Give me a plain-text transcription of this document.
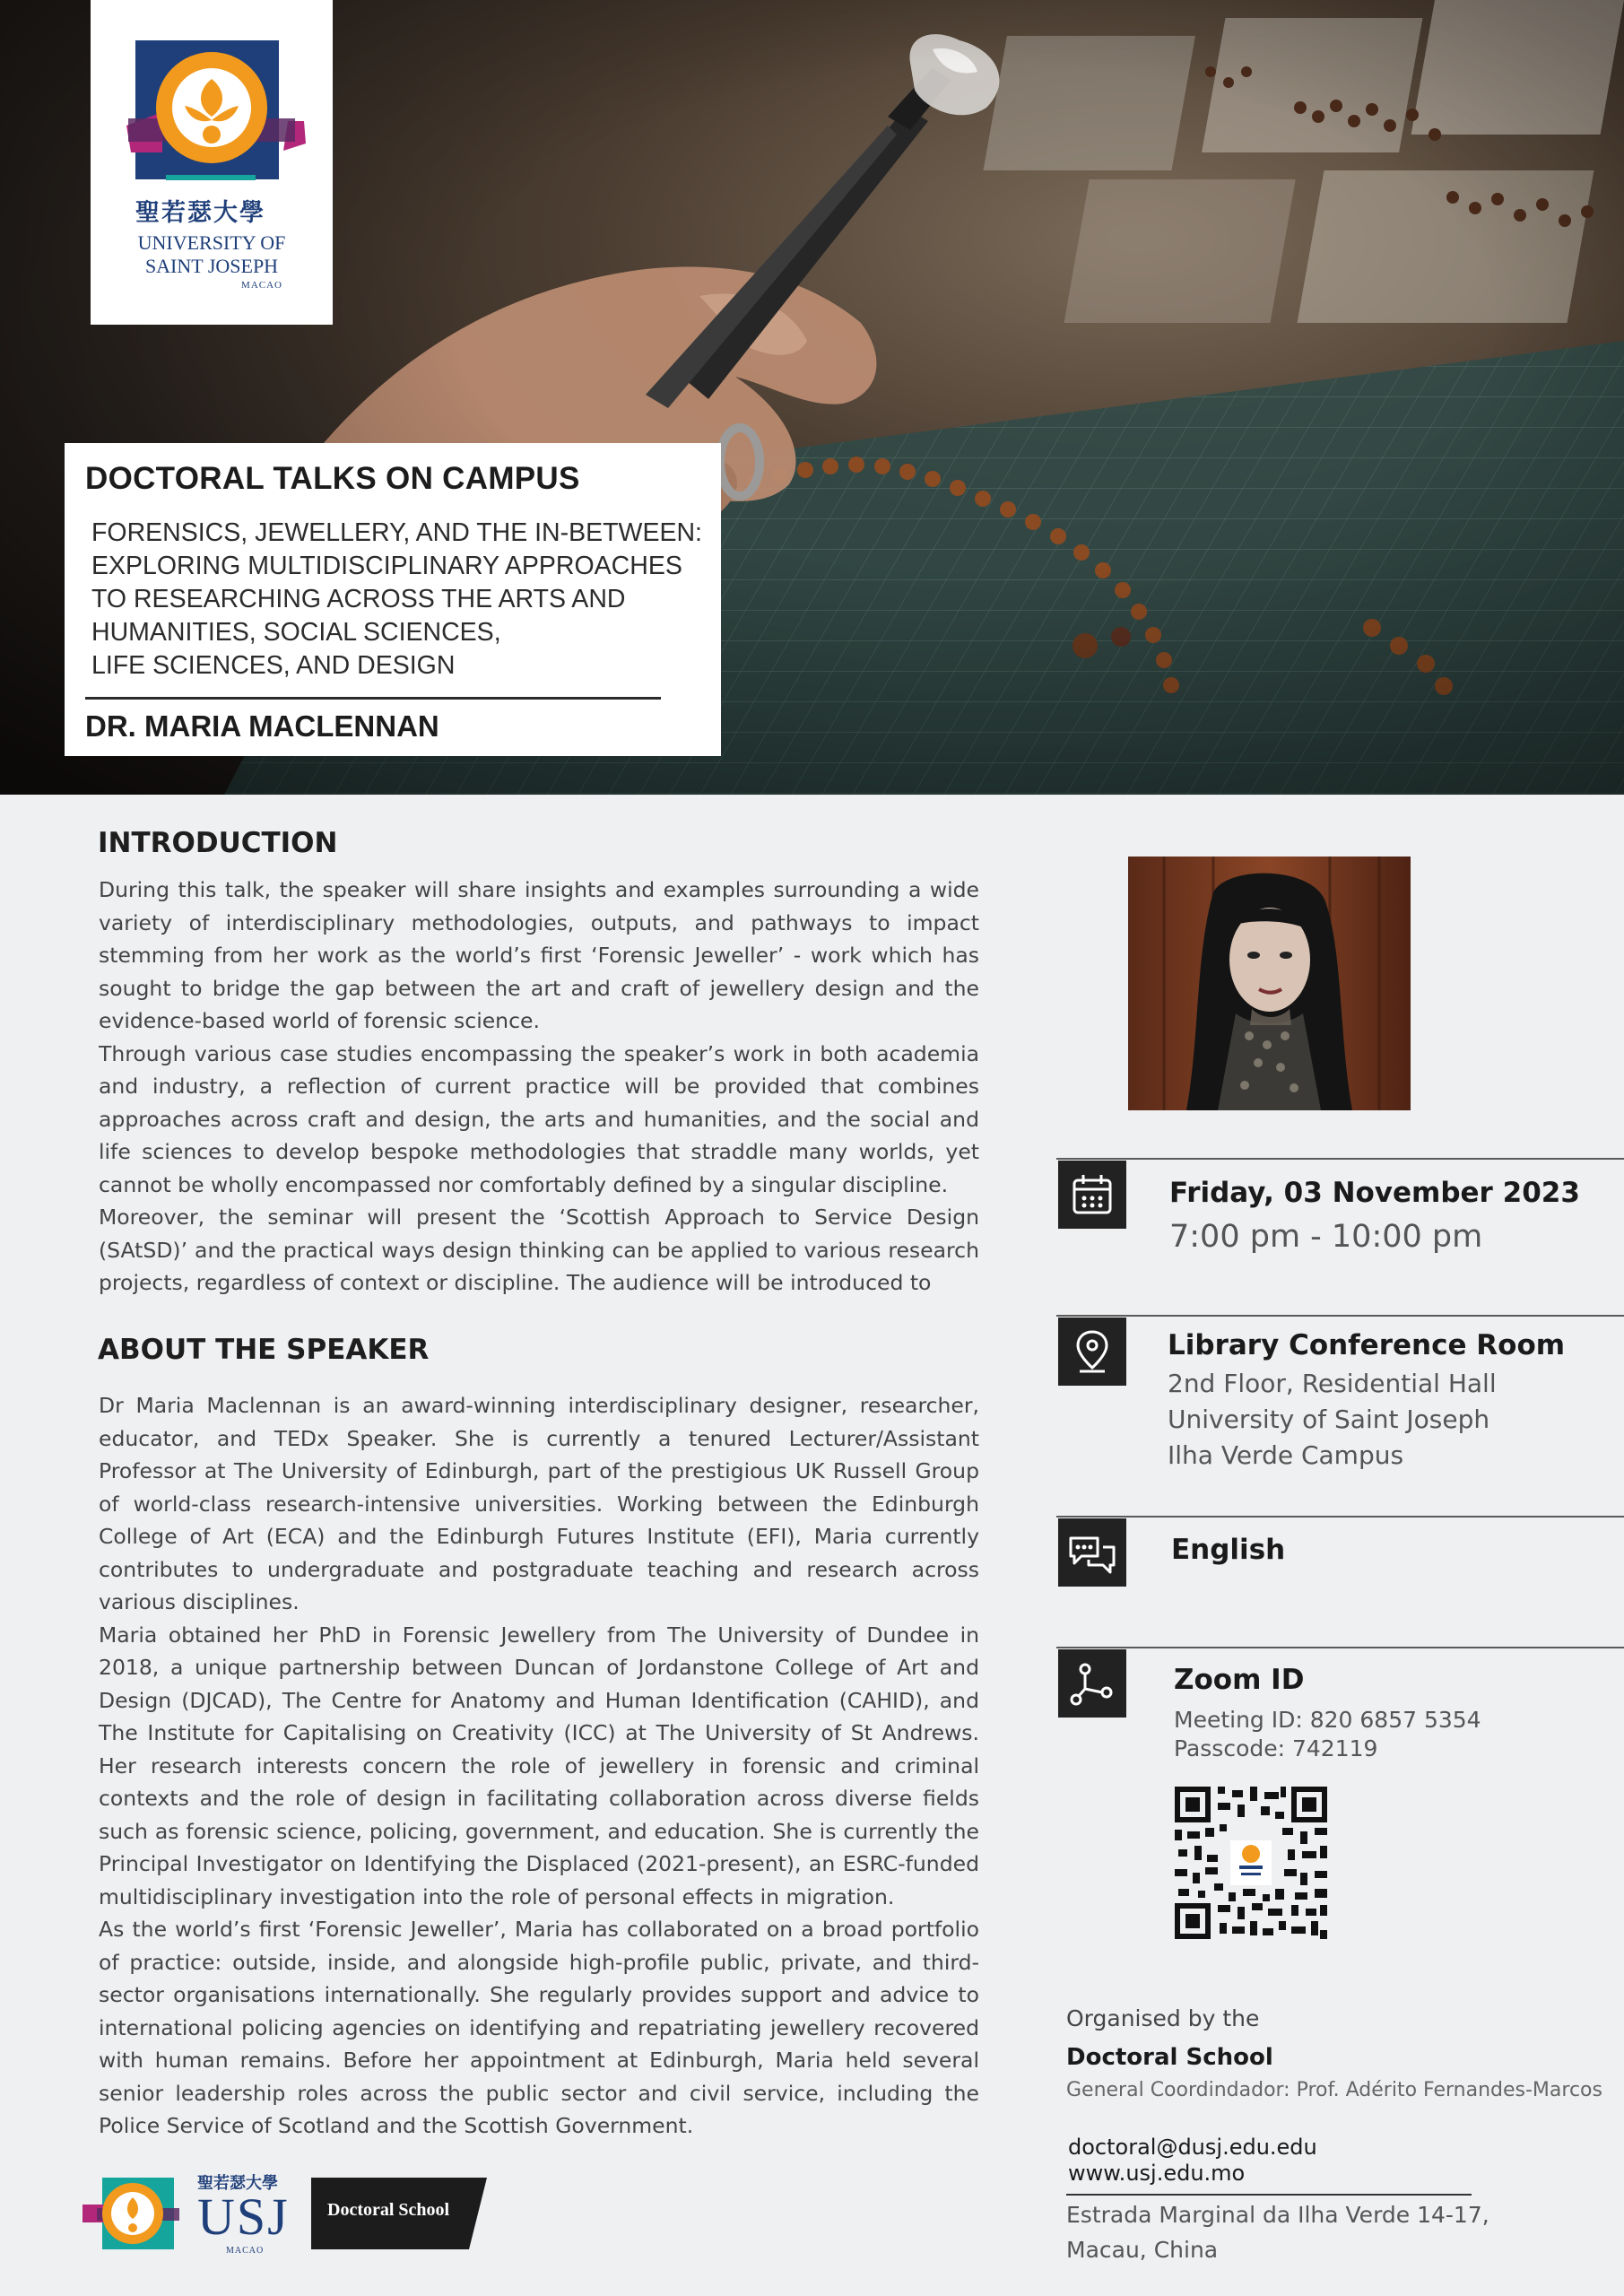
聖若瑟大學
UNIVERSITY OF
SAINT JOSEPH
MACAO
DOCTORAL TALKS ON CAMPUS
FORENSICS, JEWELLERY, AND THE IN-BETWEEN:
EXPLORING MULTIDISCIPLINARY APPROACHES
TO RESEARCHING ACROSS THE ARTS AND
HUMANITIES, SOCIAL SCIENCES,
LIFE SCIENCES, AND DESIGN
DR. MARIA MACLENNAN
INTRODUCTION

During this talk, the speaker will share insights and examples surrounding a wide variety of interdisciplinary methodologies, outputs, and pathways to impact stemming from her work as the world’s first ‘Forensic Jeweller’ - work which has sought to bridge the gap between the art and craft of jewellery design and the evidence-based world of forensic science.

Through various case studies encompassing the speaker’s work in both academia and industry, a reflection of current practice will be provided that combines approaches across craft and design, the arts and humanities, and the social and life sciences to develop bespoke methodologies that straddle many worlds, yet cannot be wholly encompassed nor comfortably defined by a singular discipline.

Moreover, the seminar will present the ‘Scottish Approach to Service Design (SAtSD)’ and the practical ways design thinking can be applied to various research projects, regardless of context or discipline. The audience will be introduced to

ABOUT THE SPEAKER

Dr Maria Maclennan is an award-winning interdisciplinary designer, researcher, educator, and TEDx Speaker. She is currently a tenured Lecturer/Assistant Professor at The University of Edinburgh, part of the prestigious UK Russell Group of world-class research-intensive universities. Working between the Edinburgh College of Art (ECA) and the Edinburgh Futures Institute (EFI), Maria currently contributes to undergraduate and postgraduate teaching and research across various disciplines.

Maria obtained her PhD in Forensic Jewellery from The University of Dundee in 2018, a unique partnership between Duncan of Jordanstone College of Art and Design (DJCAD), The Centre for Anatomy and Human Identification (CAHID), and The Institute for Capitalising on Creativity (ICC) at The University of St Andrews. Her research interests concern the role of jewellery in forensic and criminal contexts and the role of design in facilitating collaboration across diverse fields such as forensic science, policing, government, and education. She is currently the Principal Investigator on Identifying the Displaced (2021-present), an ESRC-funded multidisciplinary investigation into the role of personal effects in migration.

As the world’s first ‘Forensic Jeweller’, Maria has collaborated on a broad portfolio of practice: outside, inside, and alongside high-profile public, private, and third-sector organisations internationally. She regularly provides support and advice to international policing agencies on identifying and repatriating jewellery recovered with human remains. Before her appointment at Edinburgh, Maria held several senior leadership roles across the public sector and civil service, including the Police Service of Scotland and the Scottish Government.

Friday, 03 November 2023
7:00 pm - 10:00 pm
Library Conference Room
2nd Floor, Residential Hall
University of Saint Joseph
Ilha Verde Campus
English
Zoom ID
Meeting ID: 820 6857 5354
Passcode: 742119
Organised by the
Doctoral School
General Coordindador: Prof. Adérito Fernandes-Marcos
doctoral@dusj.edu.edu
www.usj.edu.mo
Estrada Marginal da Ilha Verde 14-17,
Macau, China
聖若瑟大學
USJ
MACAO
Doctoral School
